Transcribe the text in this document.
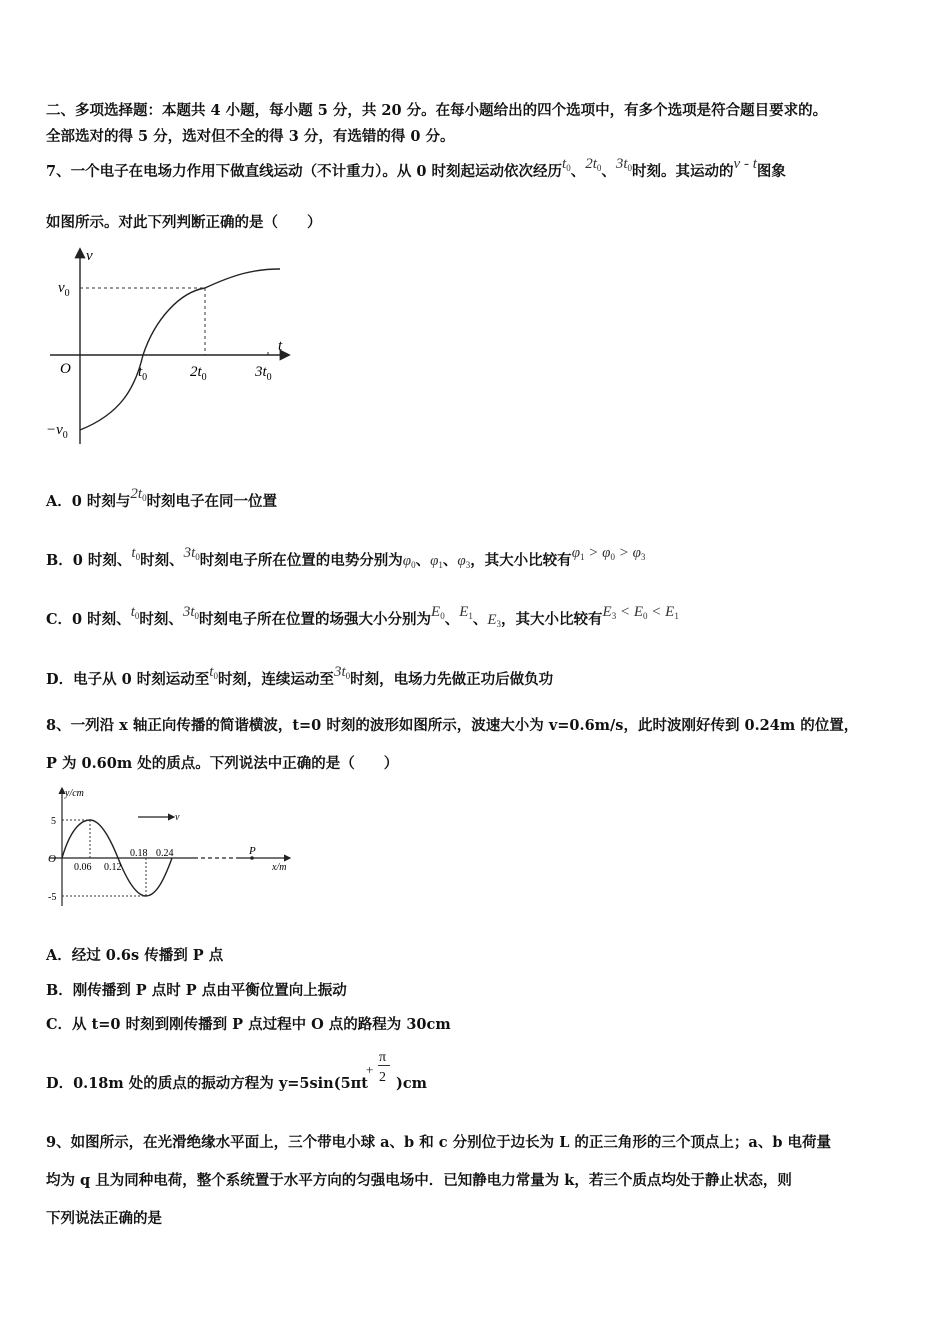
二、多项选择题：本题共 4 小题，每小题 5 分，共 20 分。在每小题给出的四个选项中，有多个选项是符合题目要求的。
全部选对的得 5 分，选对但不全的得 3 分，有选错的得 0 分。
7、一个电子在电场力作用下做直线运动（不计重力）。从 0 时刻起运动依次经历$t_0$、$2t_0$、$3t_0$时刻。其运动的v - t图象
如图所示。对此下列判断正确的是（　　）
v
t
$v_0$
$-v_0$
O	$t_0$	$2t_0$	$3t_0$
A．0 时刻与$2t_0$时刻电子在同一位置
B．0 时刻、$t_0$时刻、$3t_0$时刻电子所在位置的电势分别为$\varphi_0$、$\varphi_1$、$\varphi_3$，其大小比较有$\varphi_1 > \varphi_0 > \varphi_3$
C．0 时刻、$t_0$时刻、$3t_0$时刻电子所在位置的场强大小分别为$E_0$、$E_1$、$E_3$，其大小比较有$E_3 < E_0 < E_1$
D．电子从 0 时刻运动至$t_0$时刻，连续运动至$3t_0$时刻，电场力先做正功后做负功
8、一列沿 x 轴正向传播的简谐横波，t=0 时刻的波形如图所示，波速大小为 v=0.6m/s，此时波刚好传到 0.24m 的位置，
P 为 0.60m 处的质点。下列说法中正确的是（　　）
y/cm
x/m
v
P
O
5
-5
0.06 0.12
0.18 0.24
A．经过 0.6s 传播到 P 点
B．刚传播到 P 点时 P 点由平衡位置向上振动
C．从 t=0 时刻到刚传播到 P 点过程中 O 点的路程为 30cm
D．0.18m 处的质点的振动方程为 y=5sin(5πt
+
π
2 )cm
9、如图所示，在光滑绝缘水平面上，三个带电小球 a、b 和 c 分别位于边长为 L 的正三角形的三个顶点上；a、b 电荷量
均为 q 且为同种电荷，整个系统置于水平方向的匀强电场中．已知静电力常量为 k，若三个质点均处于静止状态，则
下列说法正确的是
